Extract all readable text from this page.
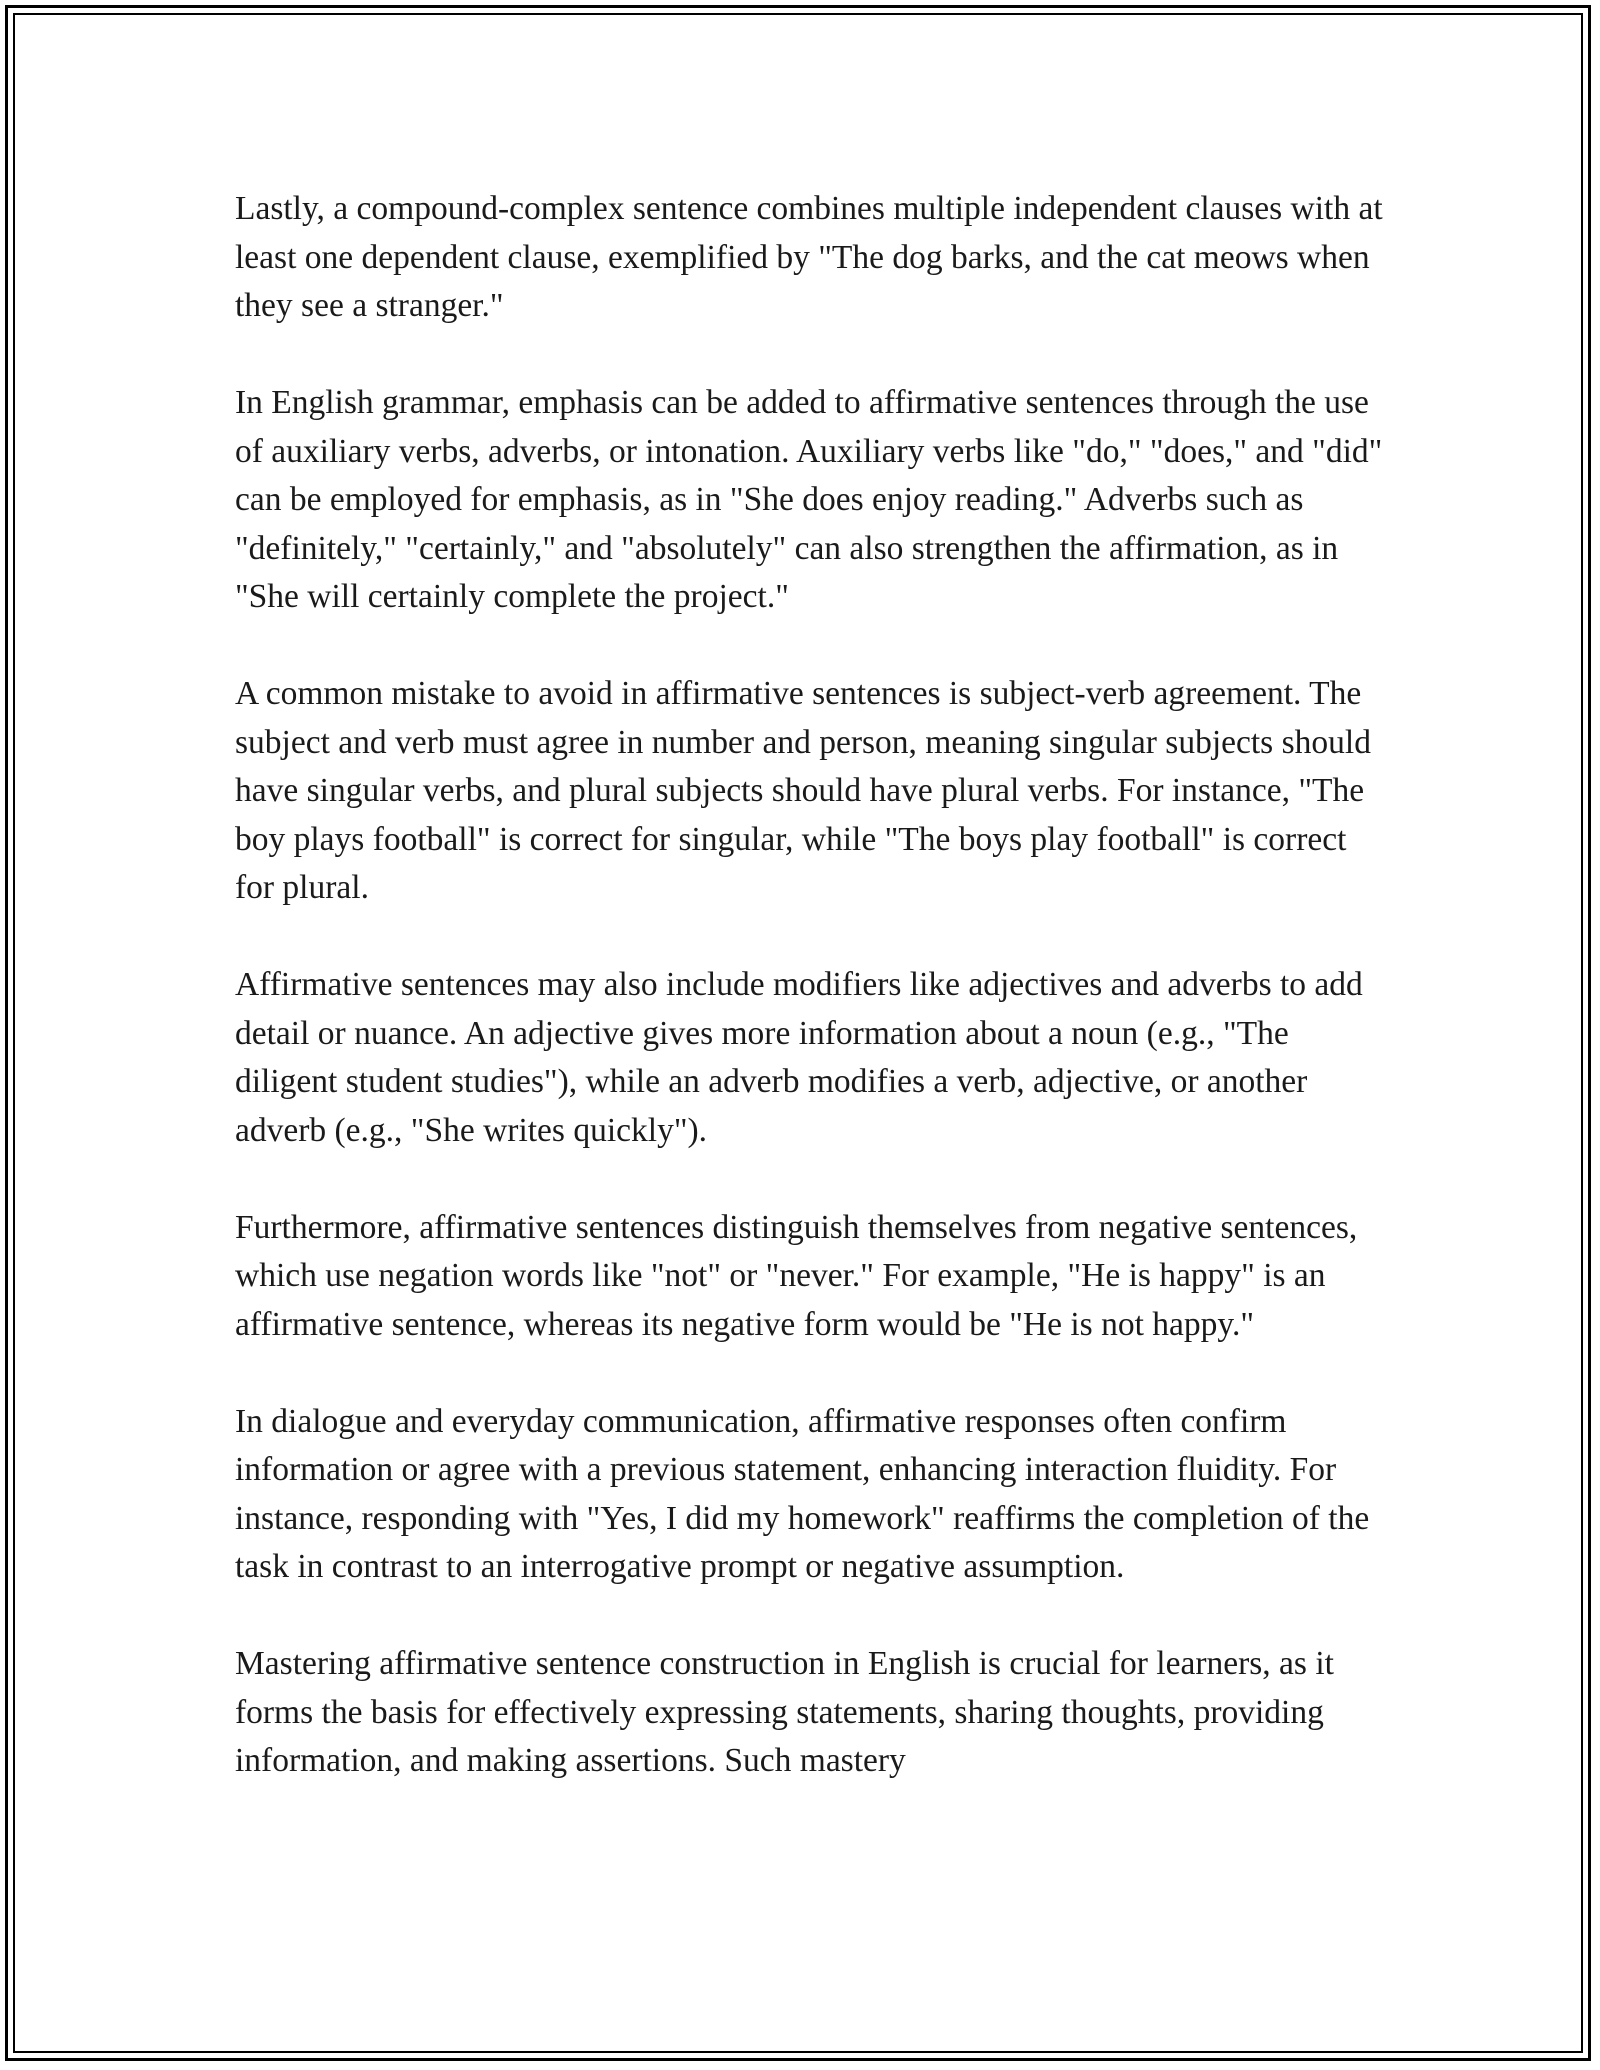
Lastly, a compound-complex sentence combines multiple independent clauses with at least one dependent clause, exemplified by "The dog barks, and the cat meows when they see a stranger."

In English grammar, emphasis can be added to affirmative sentences through the use of auxiliary verbs, adverbs, or intonation. Auxiliary verbs like "do," "does," and "did" can be employed for emphasis, as in "She does enjoy reading." Adverbs such as "definitely," "certainly," and "absolutely" can also strengthen the affirmation, as in "She will certainly complete the project."

A common mistake to avoid in affirmative sentences is subject-verb agreement. The subject and verb must agree in number and person, meaning singular subjects should have singular verbs, and plural subjects should have plural verbs. For instance, "The boy plays football" is correct for singular, while "The boys play football" is correct for plural.

Affirmative sentences may also include modifiers like adjectives and adverbs to add detail or nuance. An adjective gives more information about a noun (e.g., "The diligent student studies"), while an adverb modifies a verb, adjective, or another adverb (e.g., "She writes quickly").

Furthermore, affirmative sentences distinguish themselves from negative sentences, which use negation words like "not" or "never." For example, "He is happy" is an affirmative sentence, whereas its negative form would be "He is not happy."

In dialogue and everyday communication, affirmative responses often confirm information or agree with a previous statement, enhancing interaction fluidity. For instance, responding with "Yes, I did my homework" reaffirms the completion of the task in contrast to an interrogative prompt or negative assumption.

Mastering affirmative sentence construction in English is crucial for learners, as it forms the basis for effectively expressing statements, sharing thoughts, providing information, and making assertions. Such mastery
